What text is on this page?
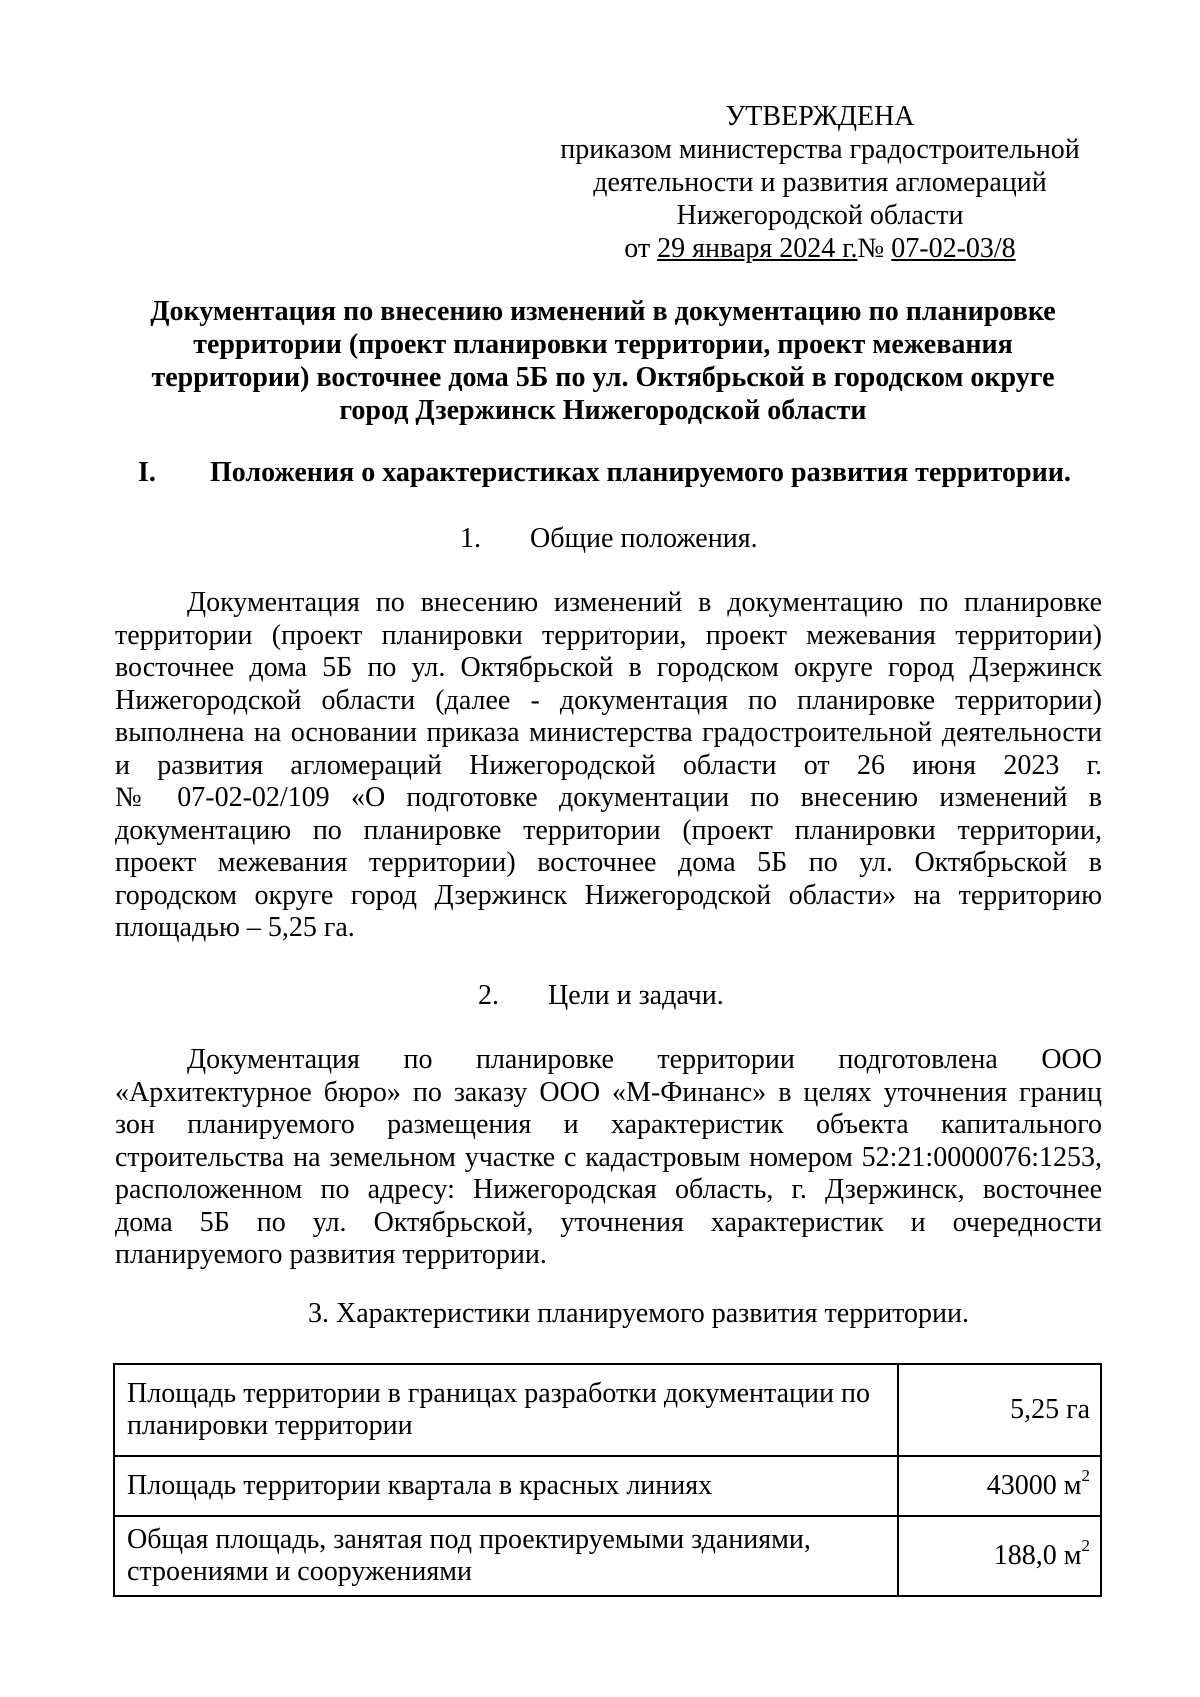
УТВЕРЖДЕНА
приказом министерства градостроительной
деятельности и развития агломераций
Нижегородской области
от 29 января 2024 г.№ 07-02-03/8
Документация по внесению изменений в документацию по планировке
территории (проект планировки территории, проект межевания
территории) восточнее дома 5Б по ул. Октябрьской в городском округе
город Дзержинск Нижегородской области
I. Положения о характеристиках планируемого развития территории.
1. Общие положения.
Документация по внесению изменений в документацию по планировке
территории (проект планировки территории, проект межевания территории)
восточнее дома 5Б по ул. Октябрьской в городском округе город Дзержинск
Нижегородской области (далее - документация по планировке территории)
выполнена на основании приказа министерства градостроительной деятельности
и развития агломераций Нижегородской области от 26 июня 2023 г.
№ 07-02-02/109 «О подготовке документации по внесению изменений в
документацию по планировке территории (проект планировки территории,
проект межевания территории) восточнее дома 5Б по ул. Октябрьской в
городском округе город Дзержинск Нижегородской области» на территорию
площадью – 5,25 га.
2. Цели и задачи.
Документация по планировке территории подготовлена ООО
«Архитектурное бюро» по заказу ООО «М-Финанс» в целях уточнения границ
зон планируемого размещения и характеристик объекта капитального
строительства на земельном участке с кадастровым номером 52:21:0000076:1253,
расположенном по адресу: Нижегородская область, г. Дзержинск, восточнее
дома 5Б по ул. Октябрьской, уточнения характеристик и очередности
планируемого развития территории.
3. Характеристики планируемого развития территории.
Площадь территории в границах разработки документации по
планировки территории	5,25 га

Площадь территории квартала в красных линиях	43000 $м^2$

Общая площадь, занятая под проектируемыми зданиями,
строениями и сооружениями	188,0 $м^2$
